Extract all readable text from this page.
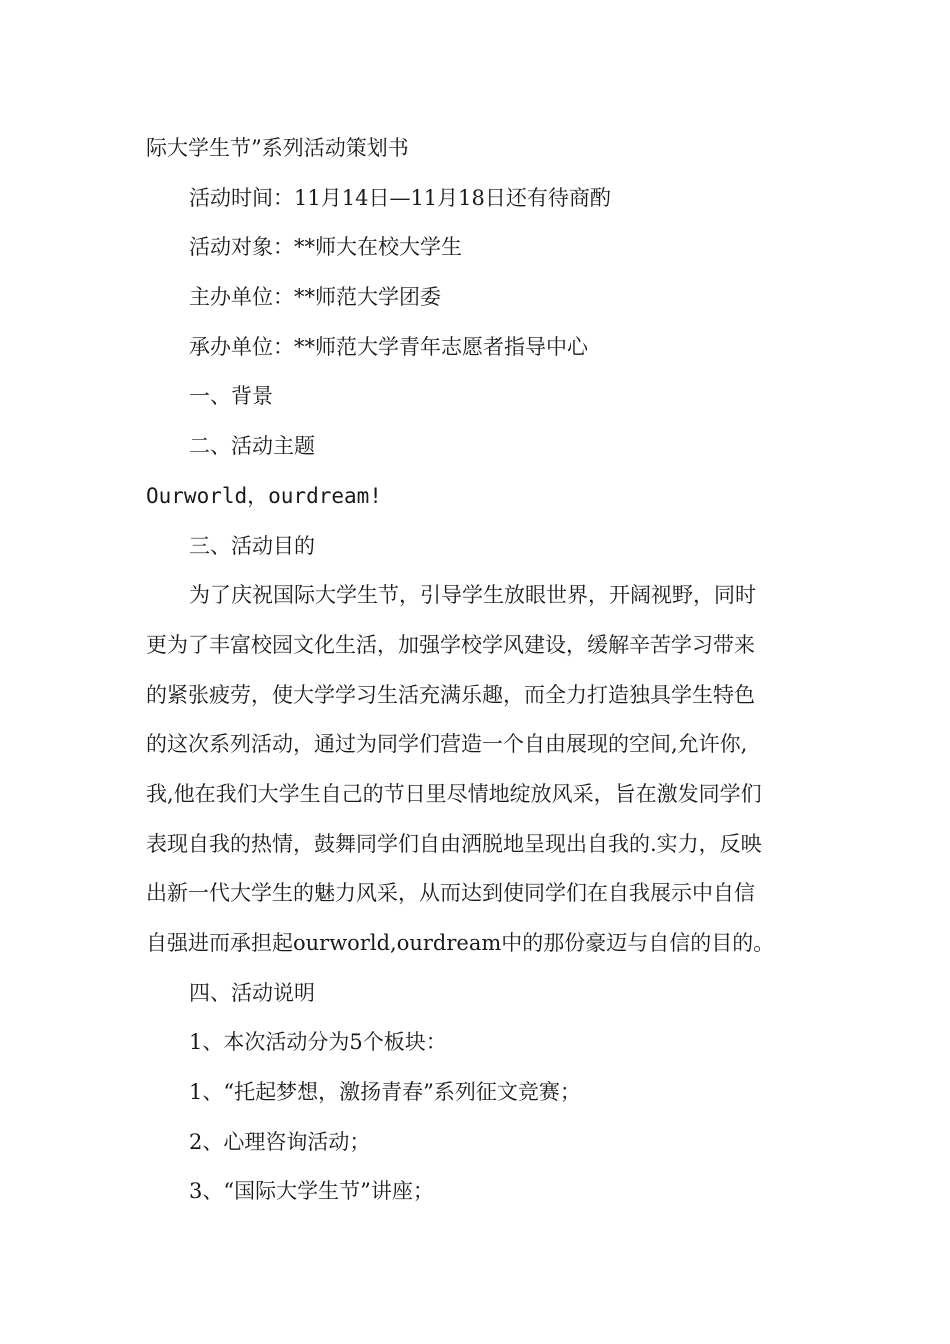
际大学生节”系列活动策划书
活动时间：11月14日—11月18日还有待商酌
活动对象：**师大在校大学生
主办单位：**师范大学团委
承办单位：**师范大学青年志愿者指导中心
一、背景
二、活动主题
Ourworld，ourdream!
三、活动目的
为了庆祝国际大学生节，引导学生放眼世界，开阔视野，同时
更为了丰富校园文化生活，加强学校学风建设，缓解辛苦学习带来
的紧张疲劳，使大学学习生活充满乐趣，而全力打造独具学生特色
的这次系列活动，通过为同学们营造一个自由展现的空间,允许你,
我,他在我们大学生自己的节日里尽情地绽放风采，旨在激发同学们
表现自我的热情，鼓舞同学们自由洒脱地呈现出自我的.实力，反映
出新一代大学生的魅力风采，从而达到使同学们在自我展示中自信
自强进而承担起ourworld,ourdream中的那份豪迈与自信的目的。
四、活动说明
1、本次活动分为5个板块：
1、“托起梦想，激扬青春”系列征文竞赛；
2、心理咨询活动；
3、“国际大学生节”讲座；
